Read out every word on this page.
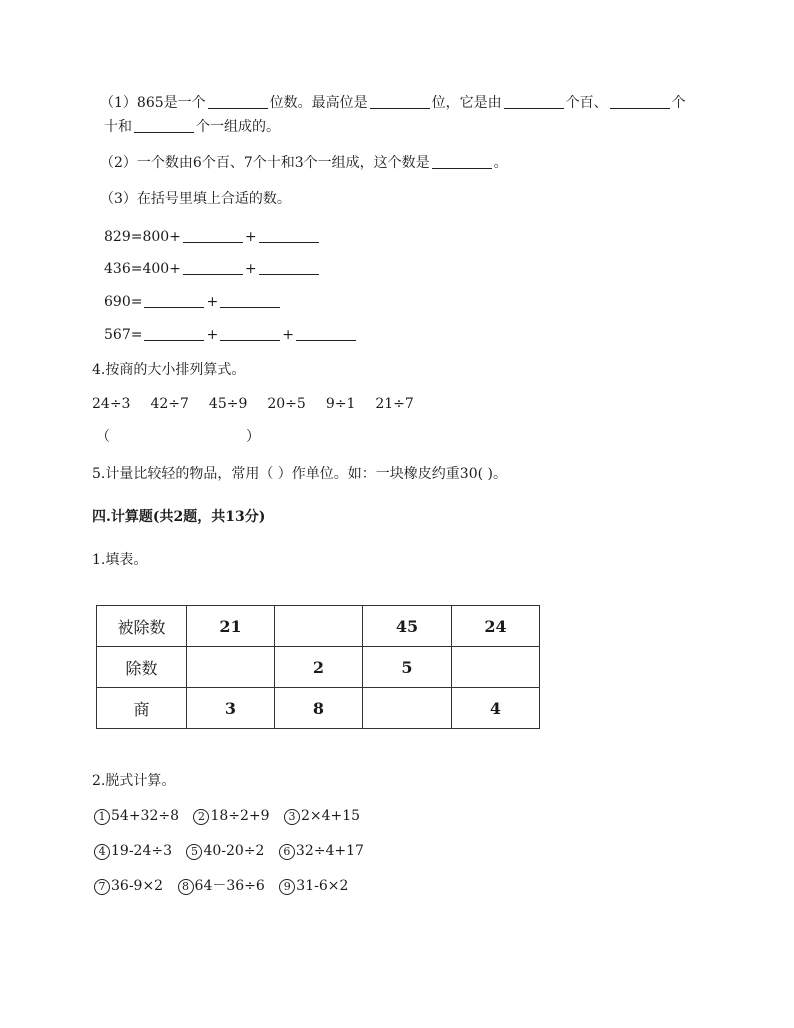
（1）865是一个	位数。最高位是	位，它是由	个百、	个
十和	个一组成的。
（2）一个数由6个百、7个十和3个一组成，这个数是	。
（3）在括号里填上合适的数。
829=800+	+
436=400+	+
690=	+
567=	+	+
4.按商的大小排列算式。
24÷3 42÷7 45÷9 20÷5 9÷1 21÷7
（	）
5.计量比较轻的物品，常用（ ）作单位。如：一块橡皮约重30( )。
四.计算题(共2题，共13分)
1.填表。
被除数	21		45	24
除数		2	5	
商	3	8		4
2.脱式计算。
1 54+32÷8 2 18÷2+9 3 2×4+15
4 19-24÷3 5 40-20÷2 6 32÷4+17
7 36-9×2 8 64－36÷6 9 31-6×2
